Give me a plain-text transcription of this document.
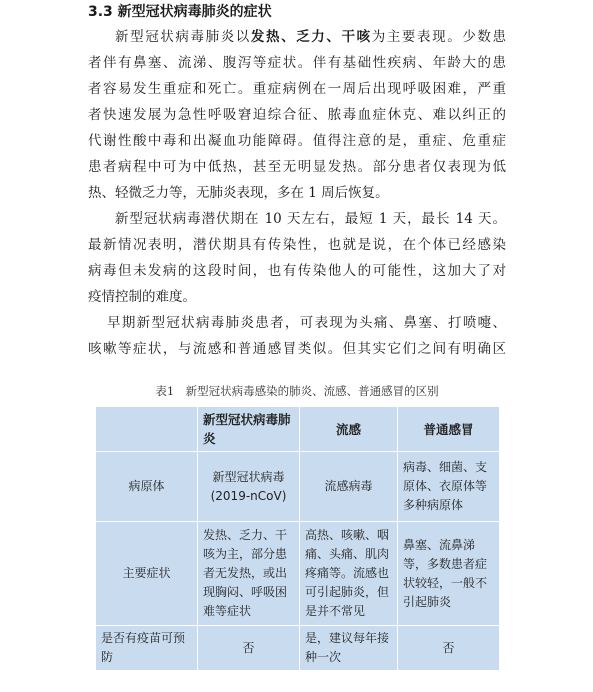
3.3 新型冠状病毒肺炎的症状
新型冠状病毒肺炎以发热、乏力、干咳为主要表现。少数患
者伴有鼻塞、流涕、腹泻等症状。伴有基础性疾病、年龄大的患
者容易发生重症和死亡。重症病例在一周后出现呼吸困难，严重
者快速发展为急性呼吸窘迫综合征、脓毒血症休克、难以纠正的
代谢性酸中毒和出凝血功能障碍。值得注意的是，重症、危重症
患者病程中可为中低热，甚至无明显发热。部分患者仅表现为低
热、轻微乏力等，无肺炎表现，多在 1 周后恢复。
新型冠状病毒潜伏期在 10 天左右，最短 1 天，最长 14 天。
最新情况表明，潜伏期具有传染性，也就是说，在个体已经感染
病毒但未发病的这段时间，也有传染他人的可能性，这加大了对
疫情控制的难度。
早期新型冠状病毒肺炎患者，可表现为头痛、鼻塞、打喷嚏、
咳嗽等症状，与流感和普通感冒类似。但其实它们之间有明确区
表1　新型冠状病毒感染的肺炎、流感、普通感冒的区别
	新型冠状病毒肺炎	流感	普通感冒
病原体	新型冠状病毒 (2019-nCoV)	流感病毒	病毒、细菌、支原体、衣原体等多种病原体
主要症状	发热、乏力、干咳为主，部分患者无发热，或出现胸闷、呼吸困难等症状	高热、咳嗽、咽痛、头痛、肌肉疼痛等。流感也可引起肺炎，但是并不常见	鼻塞、流鼻涕等，多数患者症状较轻，一般不引起肺炎
是否有疫苗可预防	否	是，建议每年接种一次	否
